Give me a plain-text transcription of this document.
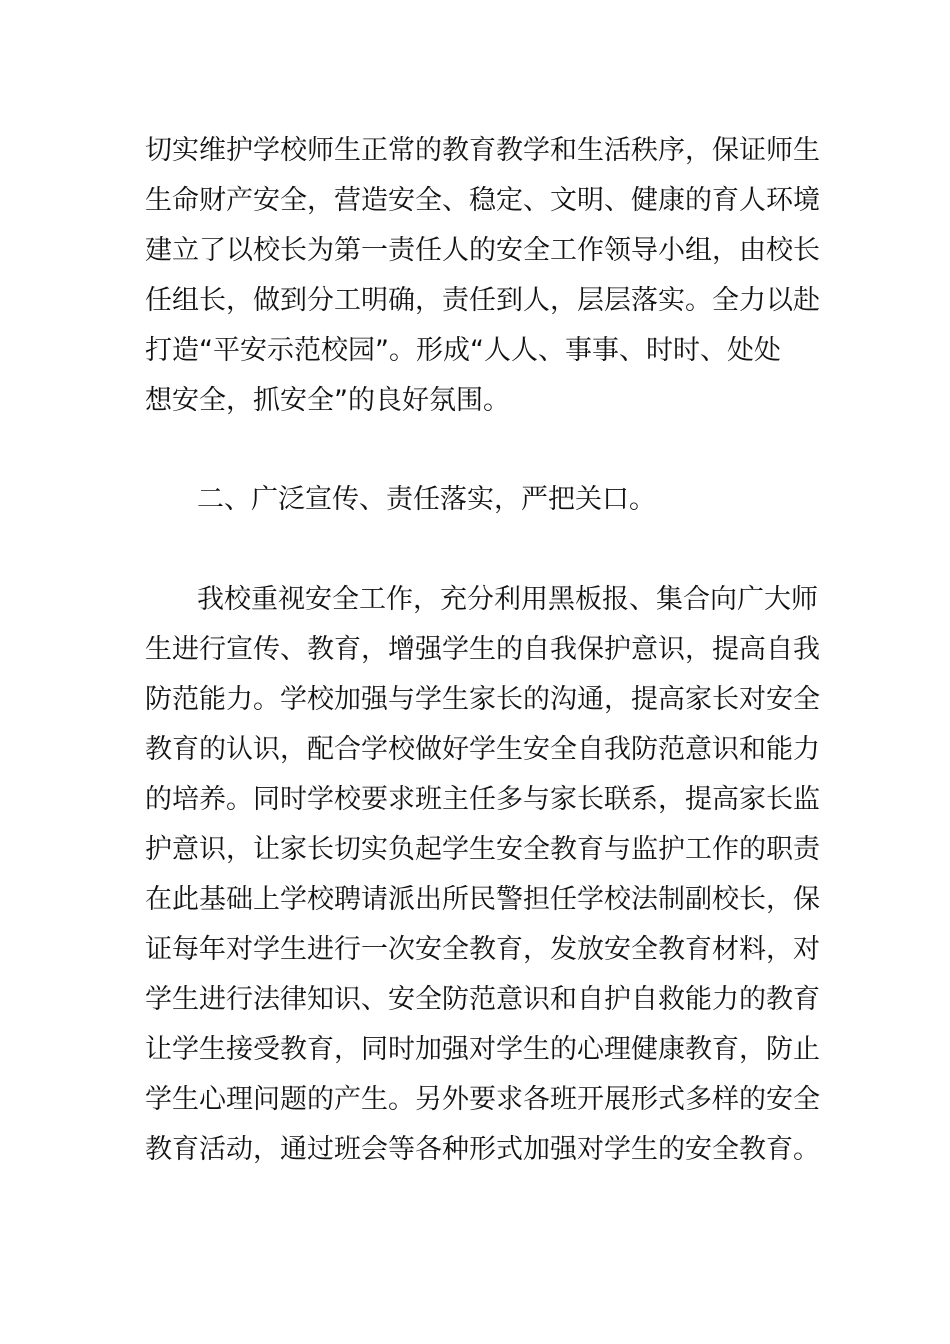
切实维护学校师生正常的教育教学和生活秩序，保证师生
生命财产安全，营造安全、稳定、文明、健康的育人环境
建立了以校长为第一责任人的安全工作领导小组，由校长
任组长，做到分工明确，责任到人，层层落实。全力以赴
打造“平安示范校园”。形成“人人、事事、时时、处处
想安全，抓安全”的良好氛围。
二、广泛宣传、责任落实，严把关口。
我校重视安全工作，充分利用黑板报、集合向广大师
生进行宣传、教育，增强学生的自我保护意识，提高自我
防范能力。学校加强与学生家长的沟通，提高家长对安全
教育的认识，配合学校做好学生安全自我防范意识和能力
的培养。同时学校要求班主任多与家长联系，提高家长监
护意识，让家长切实负起学生安全教育与监护工作的职责
在此基础上学校聘请派出所民警担任学校法制副校长，保
证每年对学生进行一次安全教育，发放安全教育材料，对
学生进行法律知识、安全防范意识和自护自救能力的教育
让学生接受教育，同时加强对学生的心理健康教育，防止
学生心理问题的产生。另外要求各班开展形式多样的安全
教育活动，通过班会等各种形式加强对学生的安全教育。
